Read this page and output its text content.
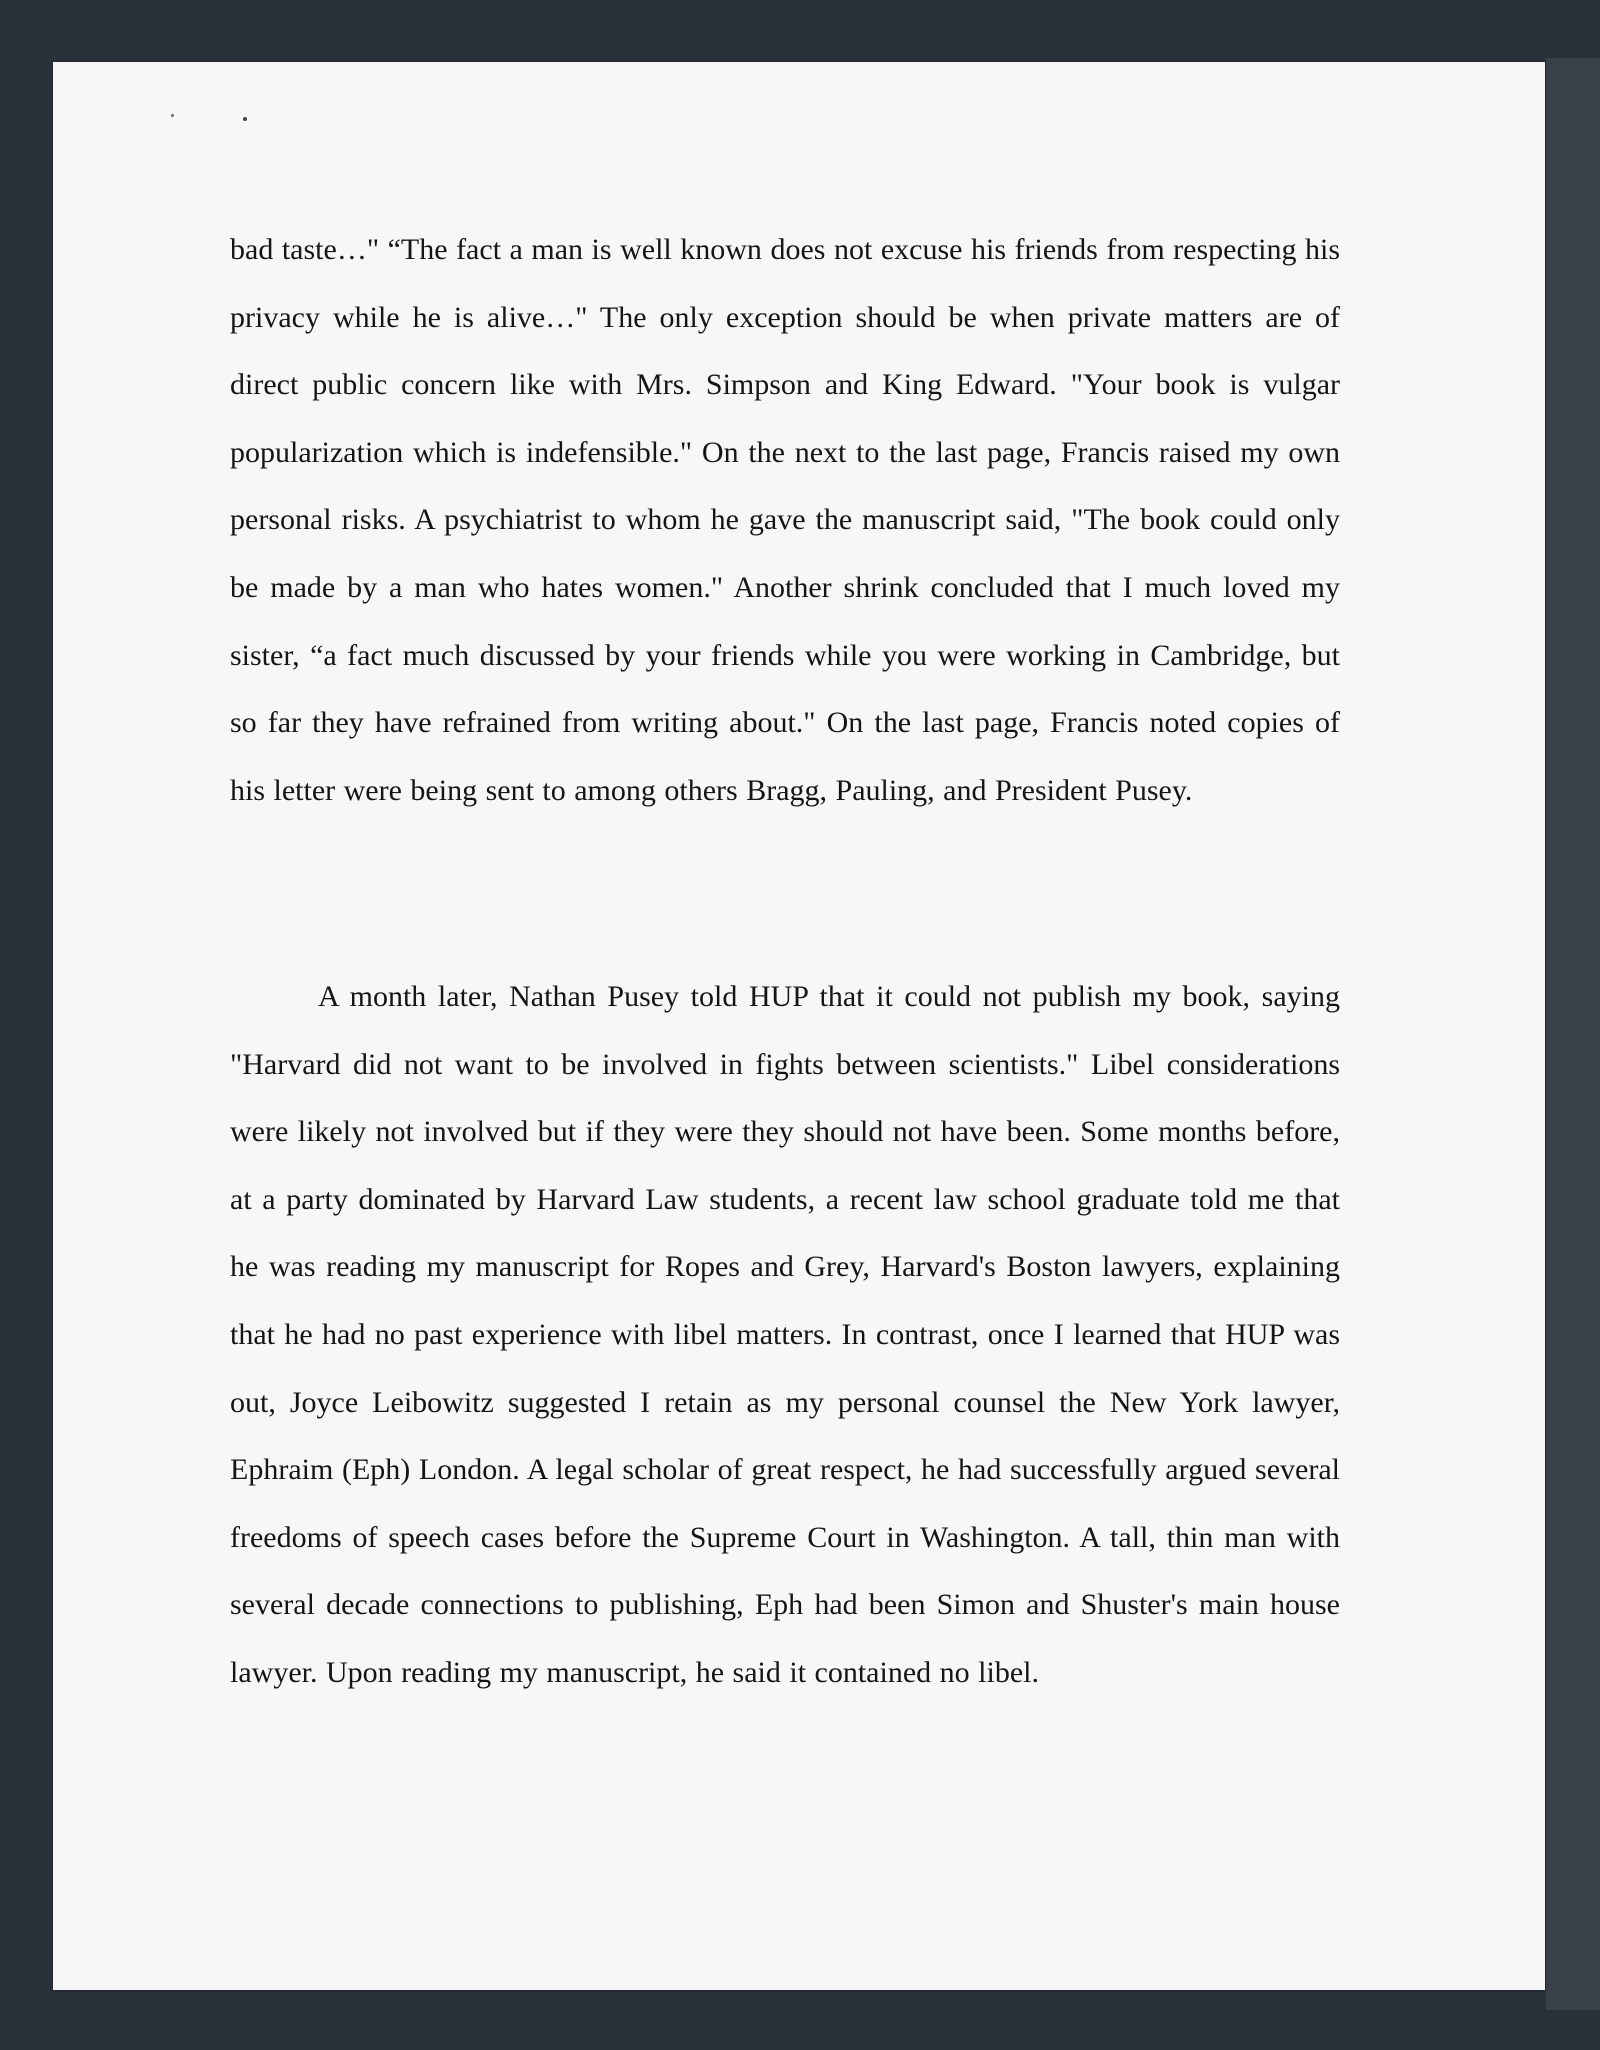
bad taste…" “The fact a man is well known does not excuse his friends from respecting his privacy while he is alive…" The only exception should be when private matters are of direct public concern like with Mrs. Simpson and King Edward. "Your book is vulgar popularization which is indefensible." On the next to the last page, Francis raised my own personal risks. A psychiatrist to whom he gave the manuscript said, "The book could only be made by a man who hates women." Another shrink concluded that I much loved my sister, “a fact much discussed by your friends while you were working in Cambridge, but so far they have refrained from writing about." On the last page, Francis noted copies of his letter were being sent to among others Bragg, Pauling, and President Pusey.

A month later, Nathan Pusey told HUP that it could not publish my book, saying "Harvard did not want to be involved in fights between scientists." Libel considerations were likely not involved but if they were they should not have been. Some months before, at a party dominated by Harvard Law students, a recent law school graduate told me that he was reading my manuscript for Ropes and Grey, Harvard's Boston lawyers, explaining that he had no past experience with libel matters. In contrast, once I learned that HUP was out, Joyce Leibowitz suggested I retain as my personal counsel the New York lawyer, Ephraim (Eph) London. A legal scholar of great respect, he had successfully argued several freedoms of speech cases before the Supreme Court in Washington. A tall, thin man with several decade connections to publishing, Eph had been Simon and Shuster's main house lawyer. Upon reading my manuscript, he said it contained no libel.
